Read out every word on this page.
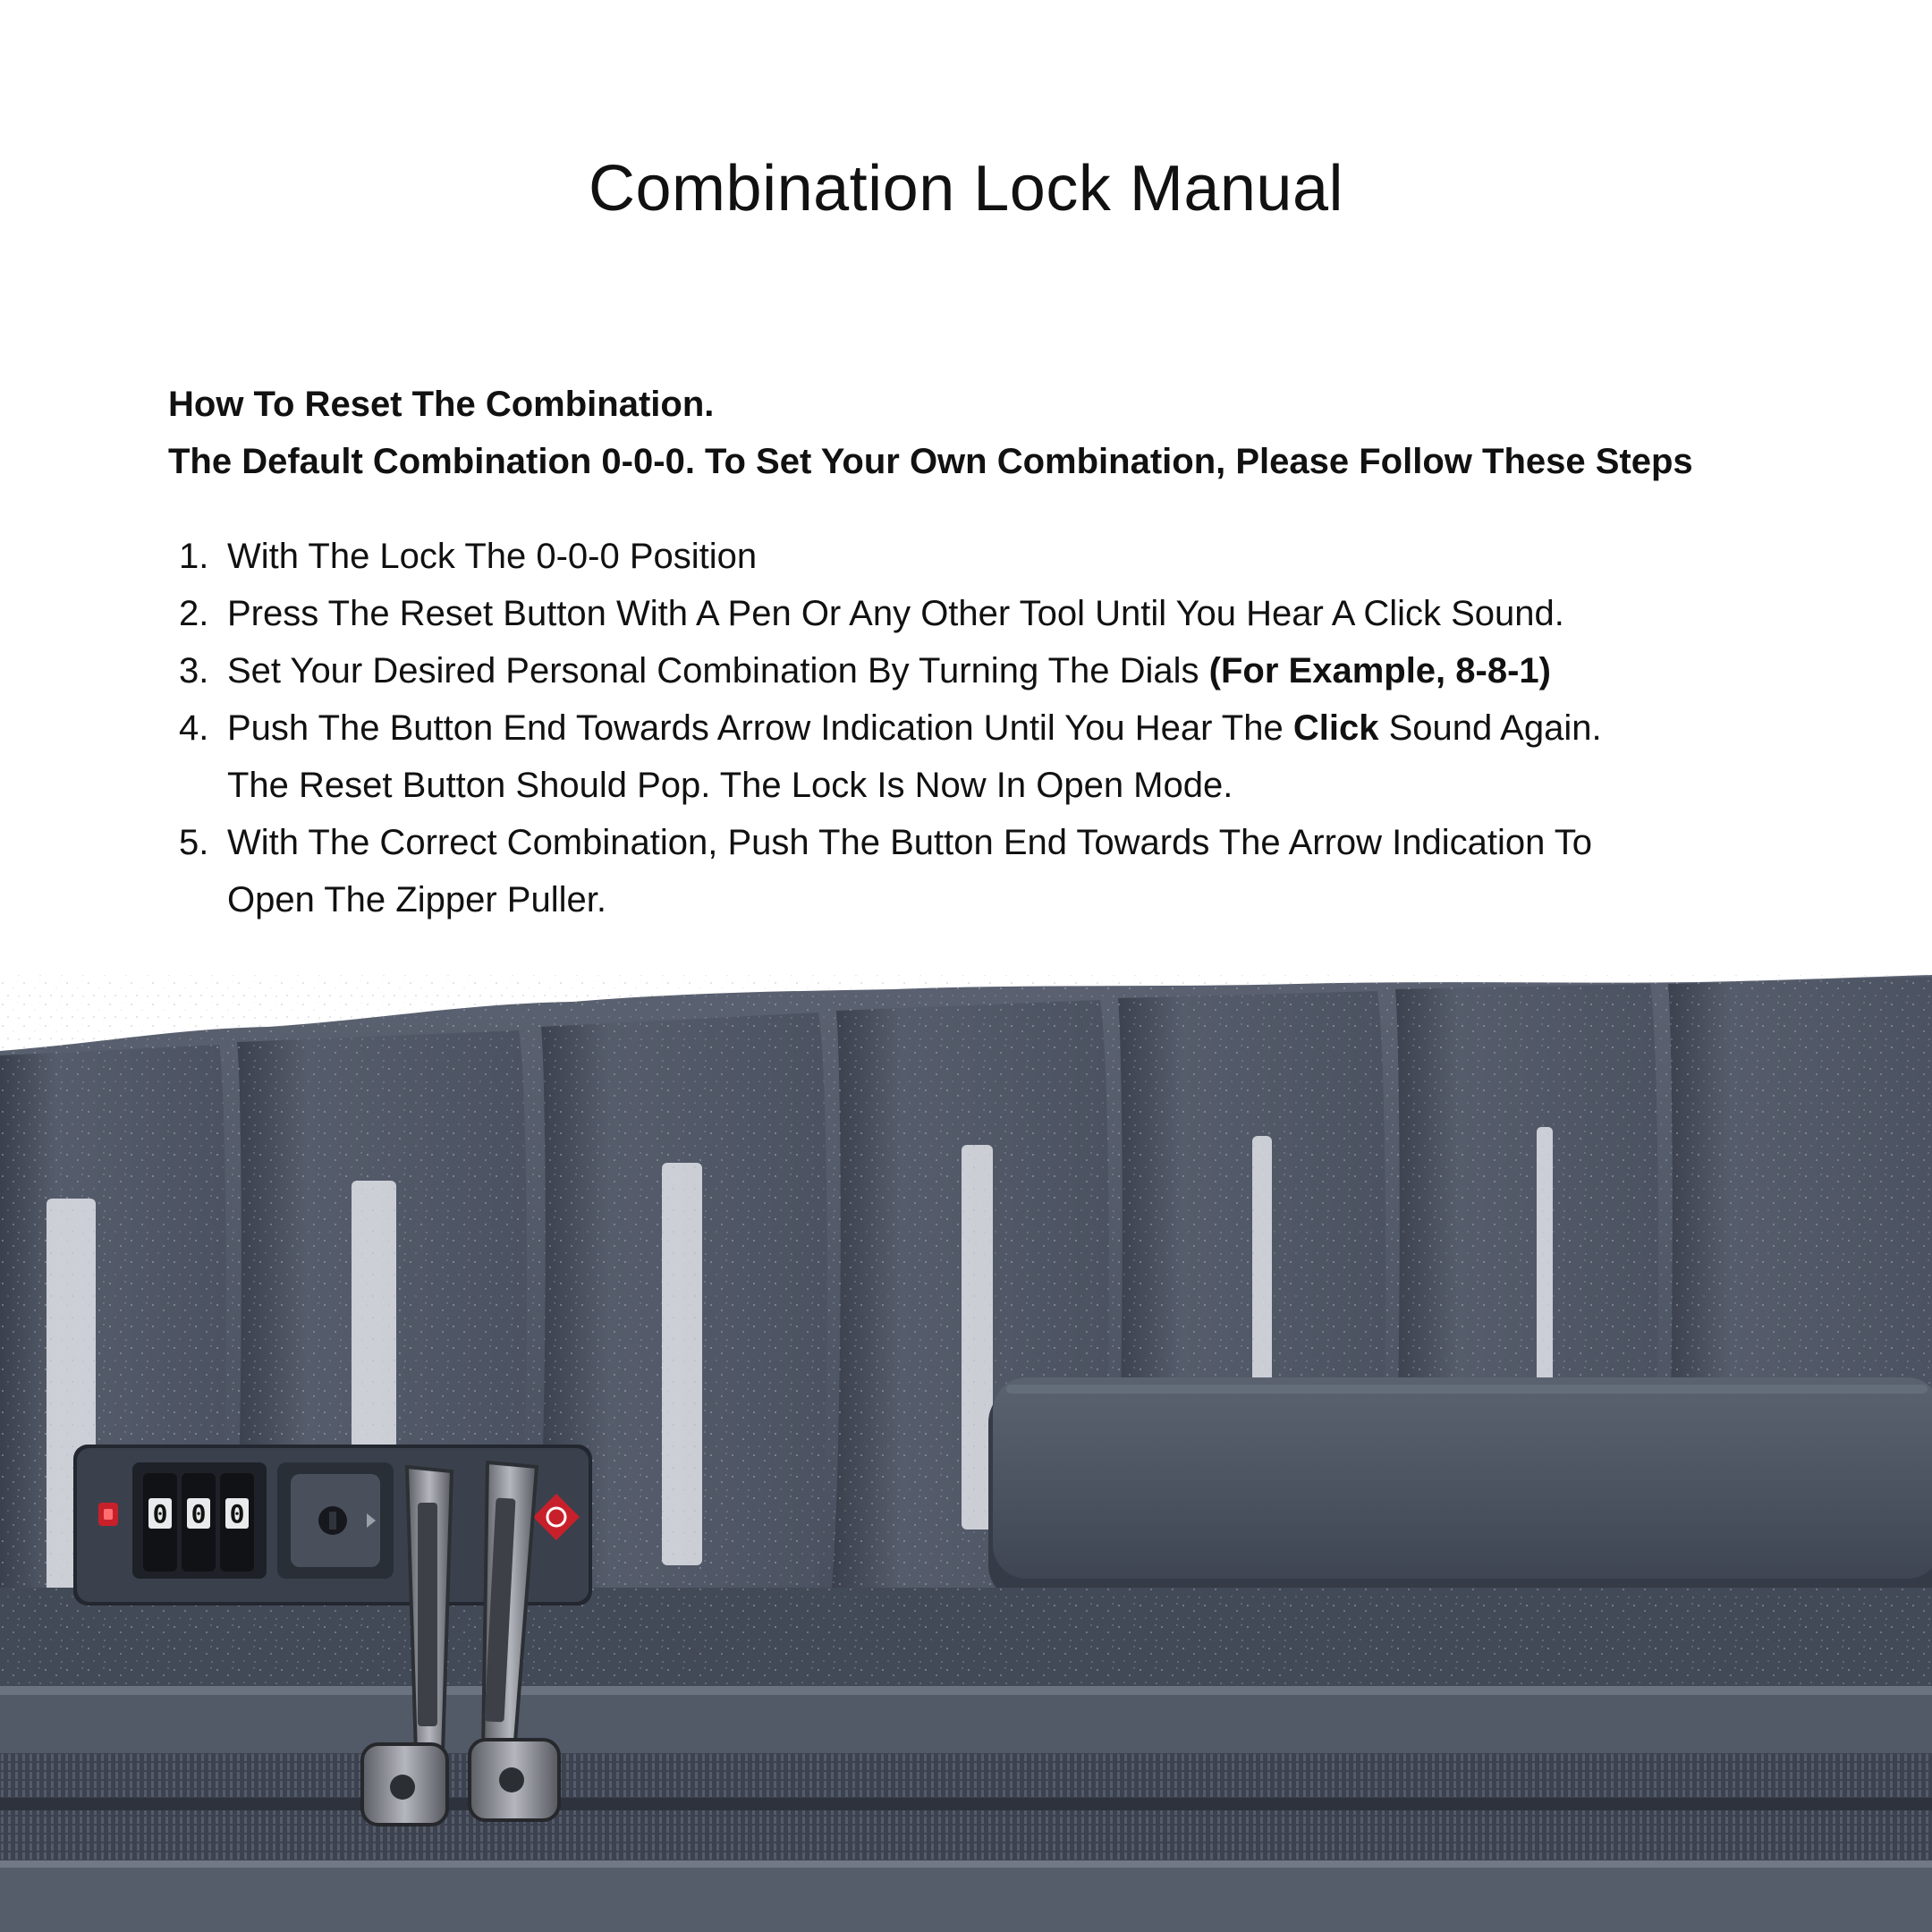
Combination Lock Manual
How To Reset The Combination.
The Default Combination 0-0-0. To Set Your Own Combination, Please Follow These Steps
1. With The Lock The 0-0-0 Position
2. Press The Reset Button With A Pen Or Any Other Tool Until You Hear A Click Sound.
3. Set Your Desired Personal Combination By Turning The Dials (For Example, 8-8-1)
4. Push The Button End Towards Arrow Indication Until You Hear The Click Sound Again.
The Reset Button Should Pop. The Lock Is Now In Open Mode.
5. With The Correct Combination, Push The Button End Towards The Arrow Indication To
Open The Zipper Puller.
0 0 0
